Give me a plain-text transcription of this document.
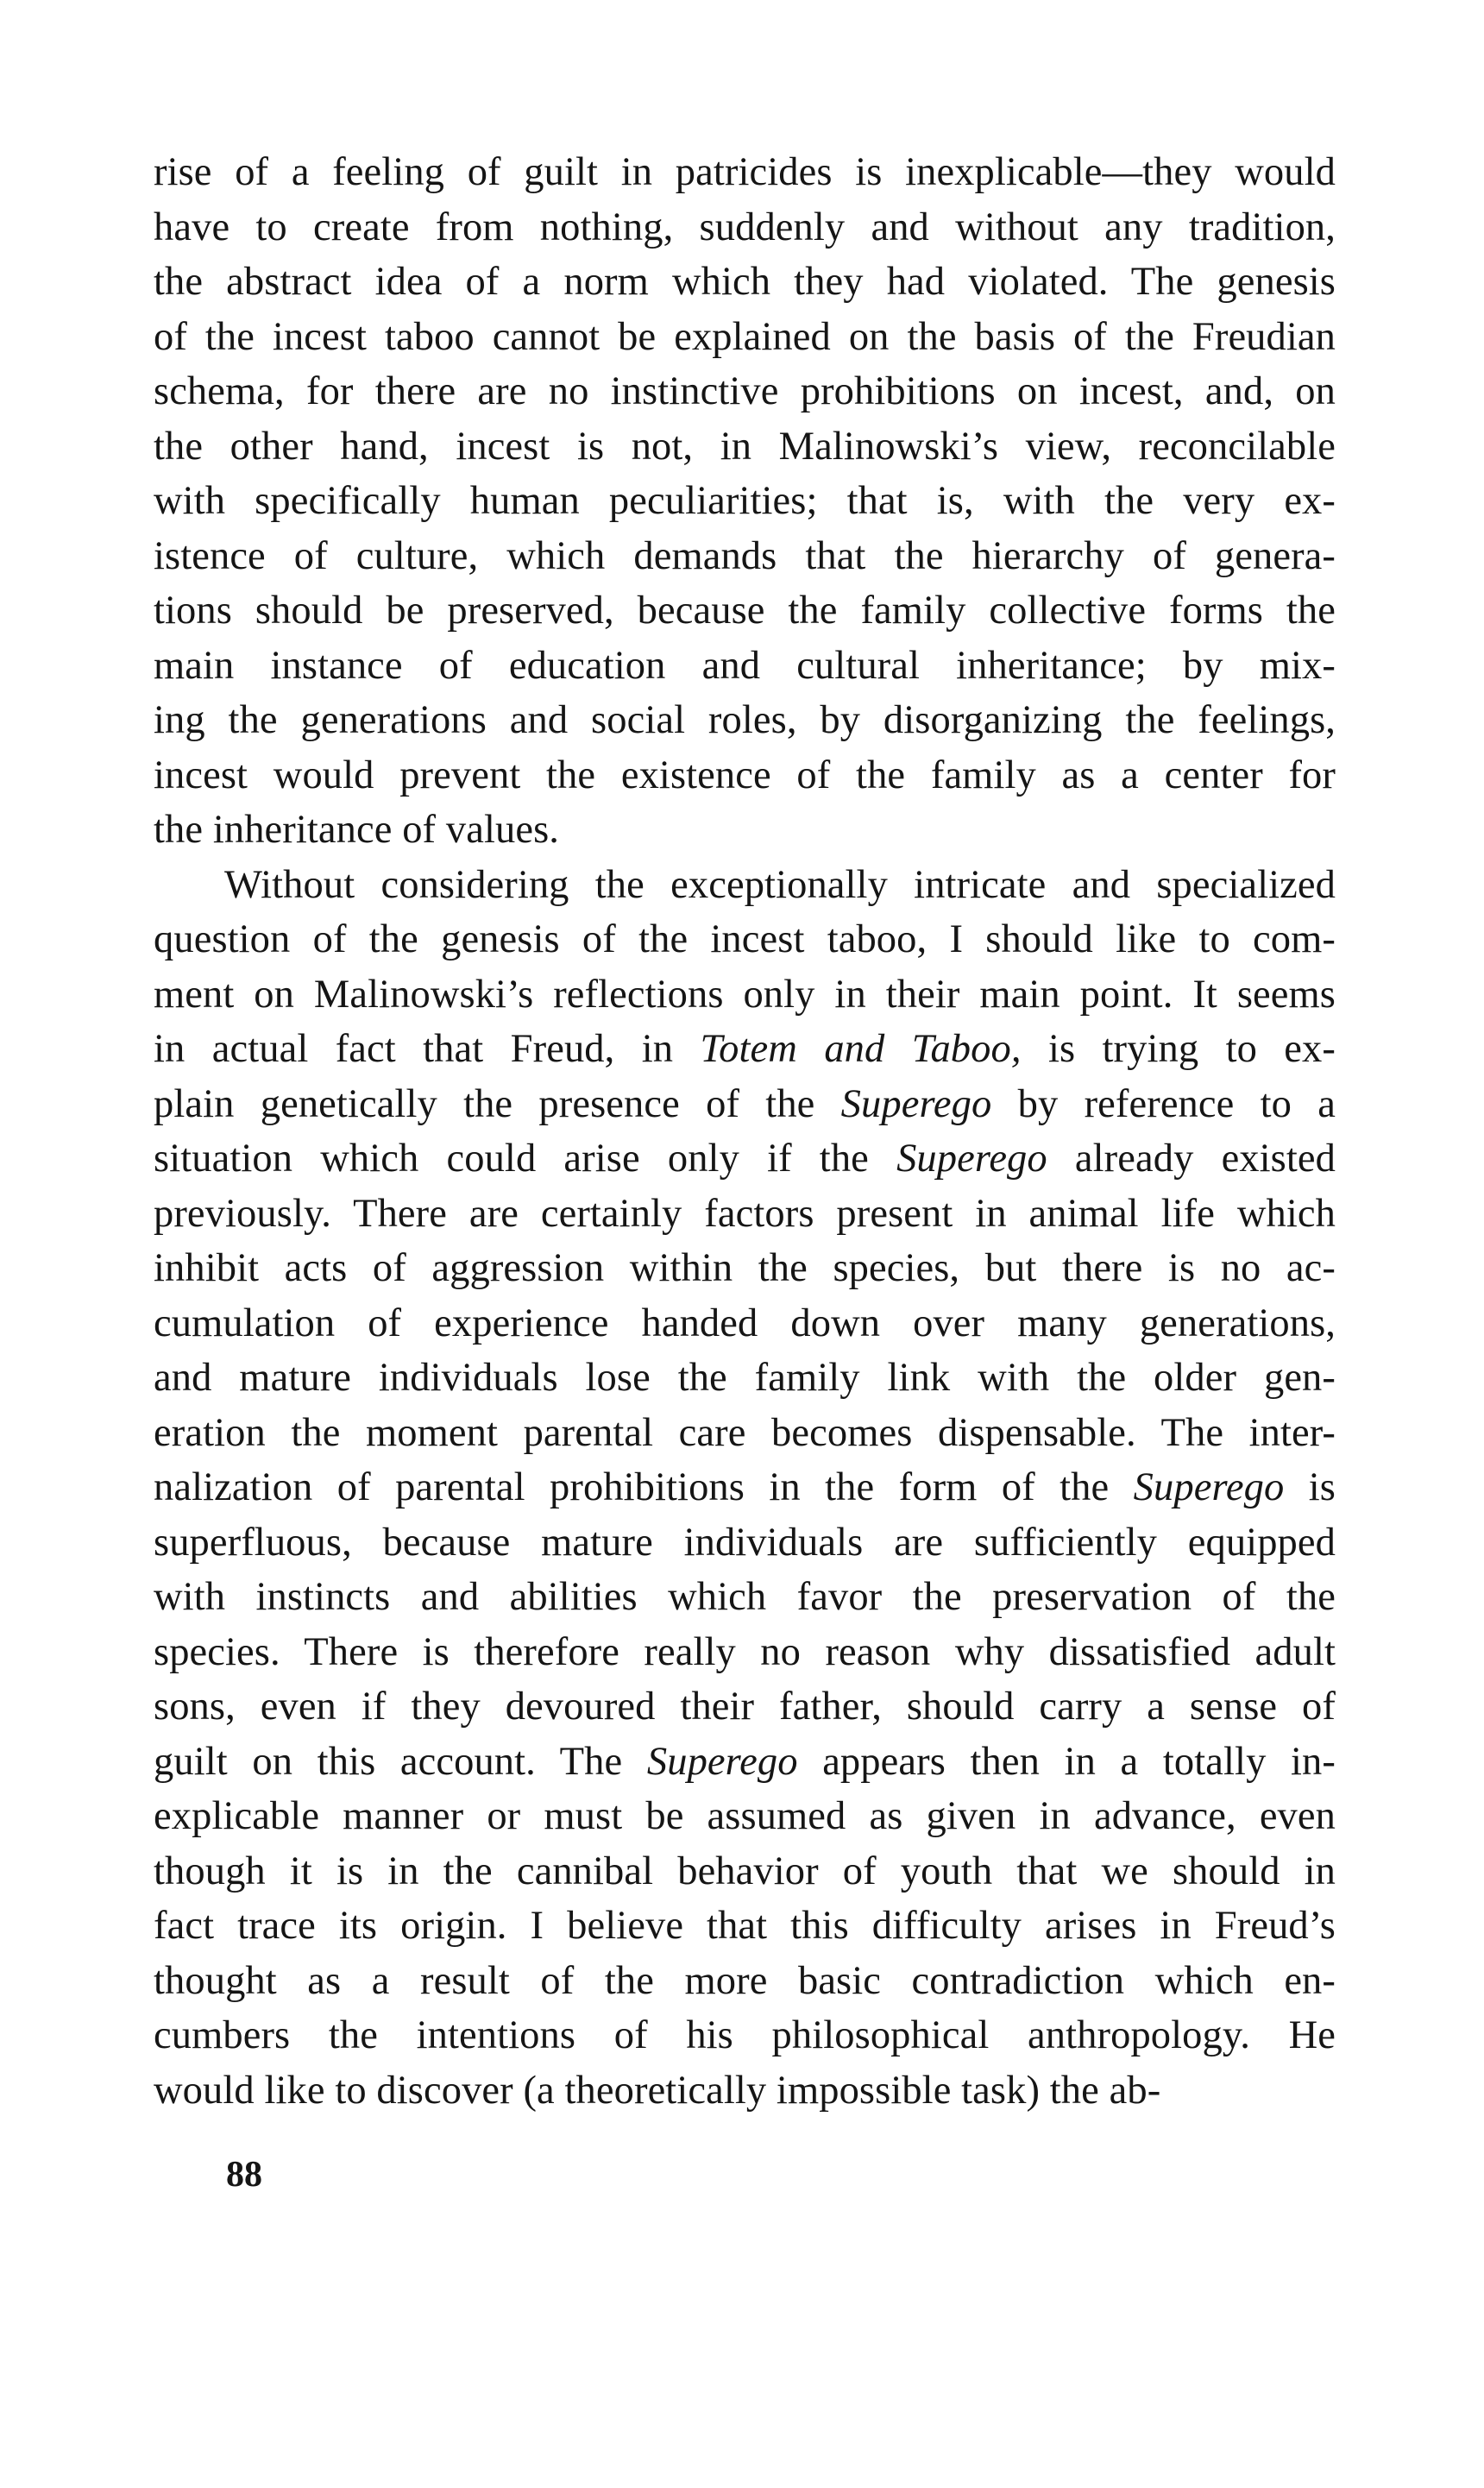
rise of a feeling of guilt in patricides is inexplicable—they would
have to create from nothing, suddenly and without any tradition,
the abstract idea of a norm which they had violated. The genesis
of the incest taboo cannot be explained on the basis of the Freudian
schema, for there are no instinctive prohibitions on incest, and, on
the other hand, incest is not, in Malinowski’s view, reconcilable
with specifically human peculiarities; that is, with the very ex-
istence of culture, which demands that the hierarchy of genera-
tions should be preserved, because the family collective forms the
main instance of education and cultural inheritance; by mix-
ing the generations and social roles, by disorganizing the feelings,
incest would prevent the existence of the family as a center for
the inheritance of values.
Without considering the exceptionally intricate and specialized
question of the genesis of the incest taboo, I should like to com-
ment on Malinowski’s reflections only in their main point. It seems
in actual fact that Freud, in Totem and Taboo, is trying to ex-
plain genetically the presence of the Superego by reference to a
situation which could arise only if the Superego already existed
previously. There are certainly factors present in animal life which
inhibit acts of aggression within the species, but there is no ac-
cumulation of experience handed down over many generations,
and mature individuals lose the family link with the older gen-
eration the moment parental care becomes dispensable. The inter-
nalization of parental prohibitions in the form of the Superego is
superfluous, because mature individuals are sufficiently equipped
with instincts and abilities which favor the preservation of the
species. There is therefore really no reason why dissatisfied adult
sons, even if they devoured their father, should carry a sense of
guilt on this account. The Superego appears then in a totally in-
explicable manner or must be assumed as given in advance, even
though it is in the cannibal behavior of youth that we should in
fact trace its origin. I believe that this difficulty arises in Freud’s
thought as a result of the more basic contradiction which en-
cumbers the intentions of his philosophical anthropology. He
would like to discover (a theoretically impossible task) the ab-
88
